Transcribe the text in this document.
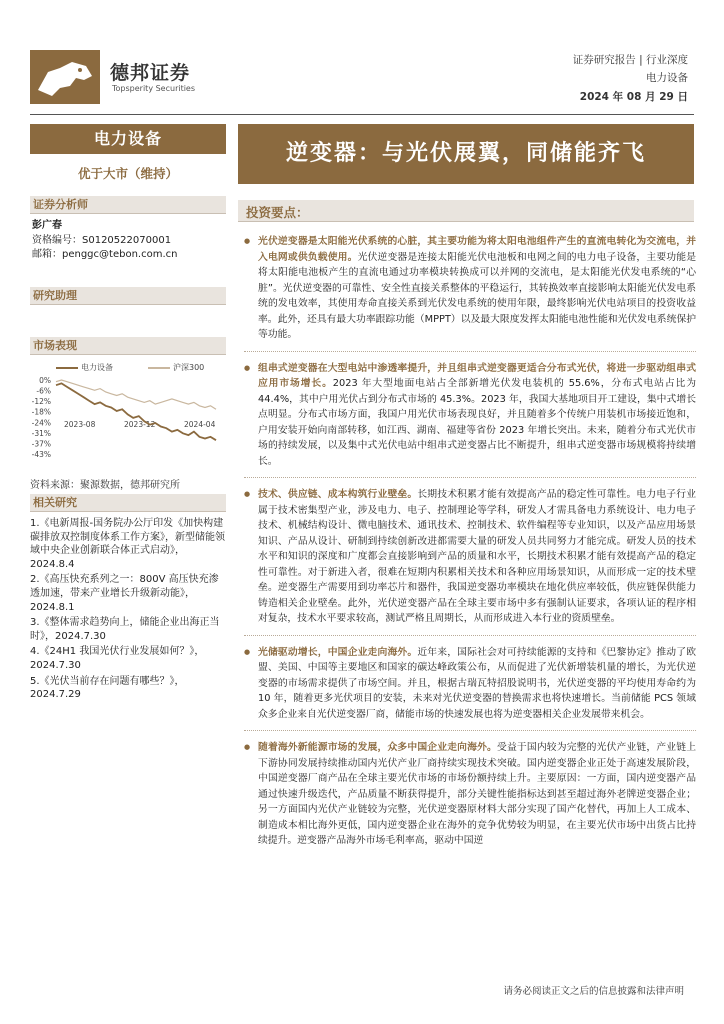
德邦证券
Topsperity Securities
证券研究报告 | 行业深度
电力设备
2024 年 08 月 29 日
电力设备
逆变器：与光伏展翼，同储能齐飞
优于大市（维持）
证券分析师
彭广春
资格编号：S0120522070001
邮箱：penggc@tebon.com.cn
研究助理
市场表现
电力设备	沪深300
0%
-6%
-12%
-18%
-24%
-31%
-37%
-43%
2023-08	2023-12	2024-04
资料来源：聚源数据，德邦研究所
相关研究
1.《电新周报-国务院办公厅印发《加快构建碳排放双控制度体系工作方案》，新型储能领域中央企业创新联合体正式启动》，2024.8.4
2.《高压快充系列之一：800V 高压快充渗透加速，带来产业增长升级新动能》，2024.8.1
3.《整体需求趋势向上，储能企业出海正当时》，2024.7.30
4.《24H1 我国光伏行业发展如何？》，2024.7.30
5.《光伏当前存在问题有哪些？》，2024.7.29
投资要点：
● 光伏逆变器是太阳能光伏系统的心脏，其主要功能为将太阳电池组件产生的直流电转化为交流电，并入电网或供负载使用。光伏逆变器是连接太阳能光伏电池板和电网之间的电力电子设备，主要功能是将太阳能电池板产生的直流电通过功率模块转换成可以并网的交流电，是太阳能光伏发电系统的“心脏”。光伏逆变器的可靠性、安全性直接关系整体的平稳运行，其转换效率直接影响太阳能光伏发电系统的发电效率，其使用寿命直接关系到光伏发电系统的使用年限，最终影响光伏电站项目的投资收益率。此外，还具有最大功率跟踪功能（MPPT）以及最大限度发挥太阳能电池性能和光伏发电系统保护等功能。
● 组串式逆变器在大型电站中渗透率提升，并且组串式逆变器更适合分布式光伏，将进一步驱动组串式应用市场增长。2023 年大型地面电站占全部新增光伏发电装机的 55.6%，分布式电站占比为 44.4%，其中户用光伏占到分布式市场的 45.3%。2023 年，我国大基地项目开工建设，集中式增长点明显。分布式市场方面，我国户用光伏市场表现良好，并且随着多个传统户用装机市场接近饱和，户用安装开始向南部转移，如江西、湖南、福建等省份 2023 年增长突出。未来，随着分布式光伏市场的持续发展，以及集中式光伏电站中组串式逆变器占比不断提升，组串式逆变器市场规模将持续增长。
● 技术、供应链、成本构筑行业壁垒。长期技术积累才能有效提高产品的稳定性可靠性。电力电子行业属于技术密集型产业，涉及电力、电子、控制理论等学科，研发人才需具备电力系统设计、电力电子技术、机械结构设计、微电脑技术、通讯技术、控制技术、软件编程等专业知识，以及产品应用场景知识、产品从设计、研制到持续创新改进都需要大量的研发人员共同努力才能完成。研发人员的技术水平和知识的深度和广度都会直接影响到产品的质量和水平，长期技术积累才能有效提高产品的稳定性可靠性。对于新进入者，很难在短期内积累相关技术和各种应用场景知识，从而形成一定的技术壁垒。逆变器生产需要用到功率芯片和器件，我国逆变器功率模块在地化供应率较低，供应链保供能力铸造相关企业壁垒。此外，光伏逆变器产品在全球主要市场中多有强制认证要求，各项认证的程序相对复杂，技术水平要求较高，测试严格且周期长，从而形成进入本行业的资质壁垒。
● 光储驱动增长，中国企业走向海外。近年来，国际社会对可持续能源的支持和《巴黎协定》推动了欧盟、美国、中国等主要地区和国家的碳达峰政策公布，从而促进了光伏新增装机量的增长，为光伏逆变器的市场需求提供了市场空间。并且，根据古瑞瓦特招股说明书，光伏逆变器的平均使用寿命约为 10 年，随着更多光伏项目的安装，未来对光伏逆变器的替换需求也将快速增长。当前储能 PCS 领域众多企业来自光伏逆变器厂商，储能市场的快速发展也将为逆变器相关企业发展带来机会。
● 随着海外新能源市场的发展，众多中国企业走向海外。受益于国内较为完整的光伏产业链，产业链上下游协同发展持续推动国内光伏产业厂商持续实现技术突破。国内逆变器企业正处于高速发展阶段，中国逆变器厂商产品在全球主要光伏市场的市场份额持续上升。主要原因：一方面，国内逆变器产品通过快速升级迭代，产品质量不断获得提升，部分关键性能指标达到甚至超过海外老牌逆变器企业；另一方面国内光伏产业链较为完整，光伏逆变器原材料大部分实现了国产化替代，再加上人工成本、制造成本相比海外更低，国内逆变器企业在海外的竞争优势较为明显，在主要光伏市场中出货占比持续提升。逆变器产品海外市场毛利率高，驱动中国逆
请务必阅读正文之后的信息披露和法律声明
